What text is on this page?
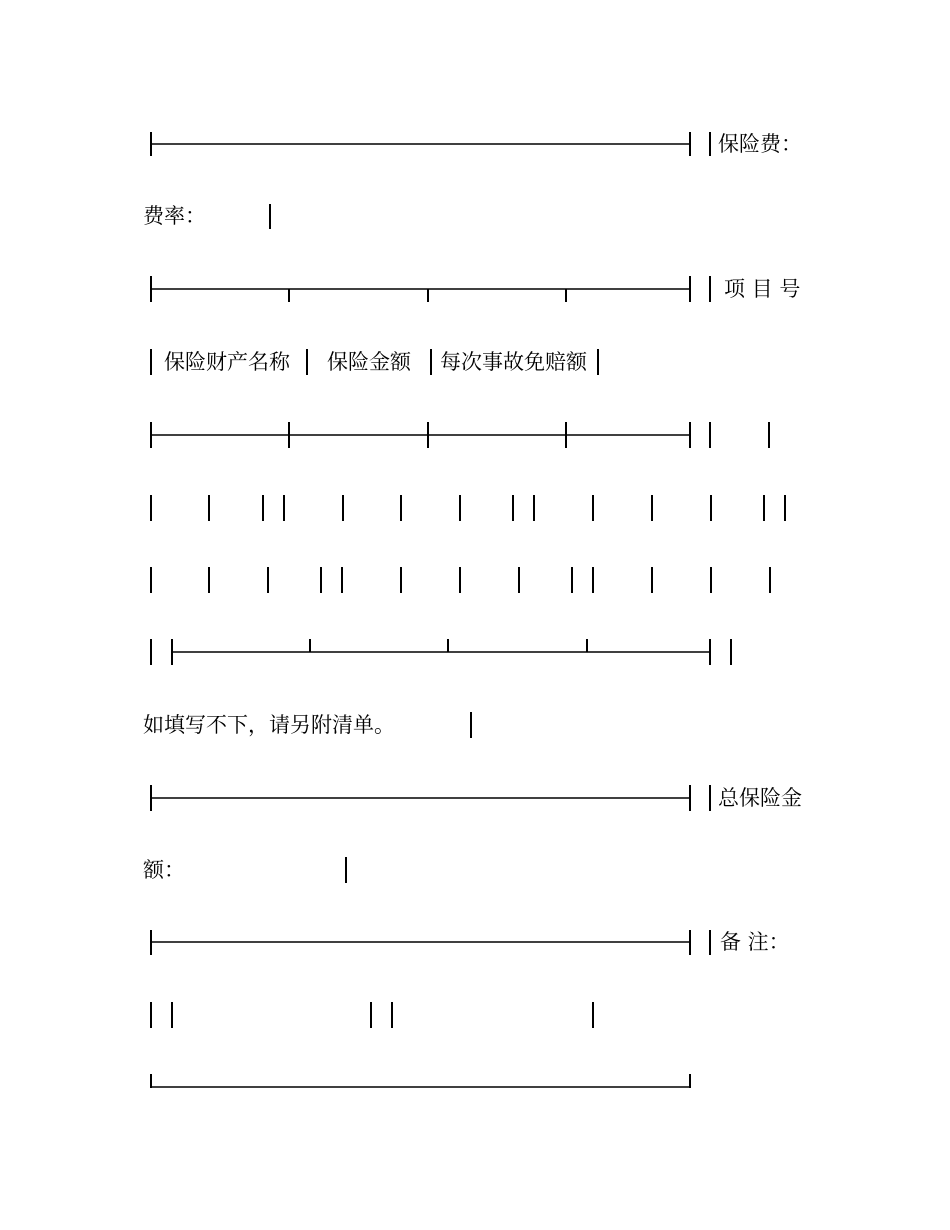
保险费：
费率：
项 目 号
保险财产名称 保险金额 每次事故免赔额
如填写不下，请另附清单。
总保险金
额：
备 注：
